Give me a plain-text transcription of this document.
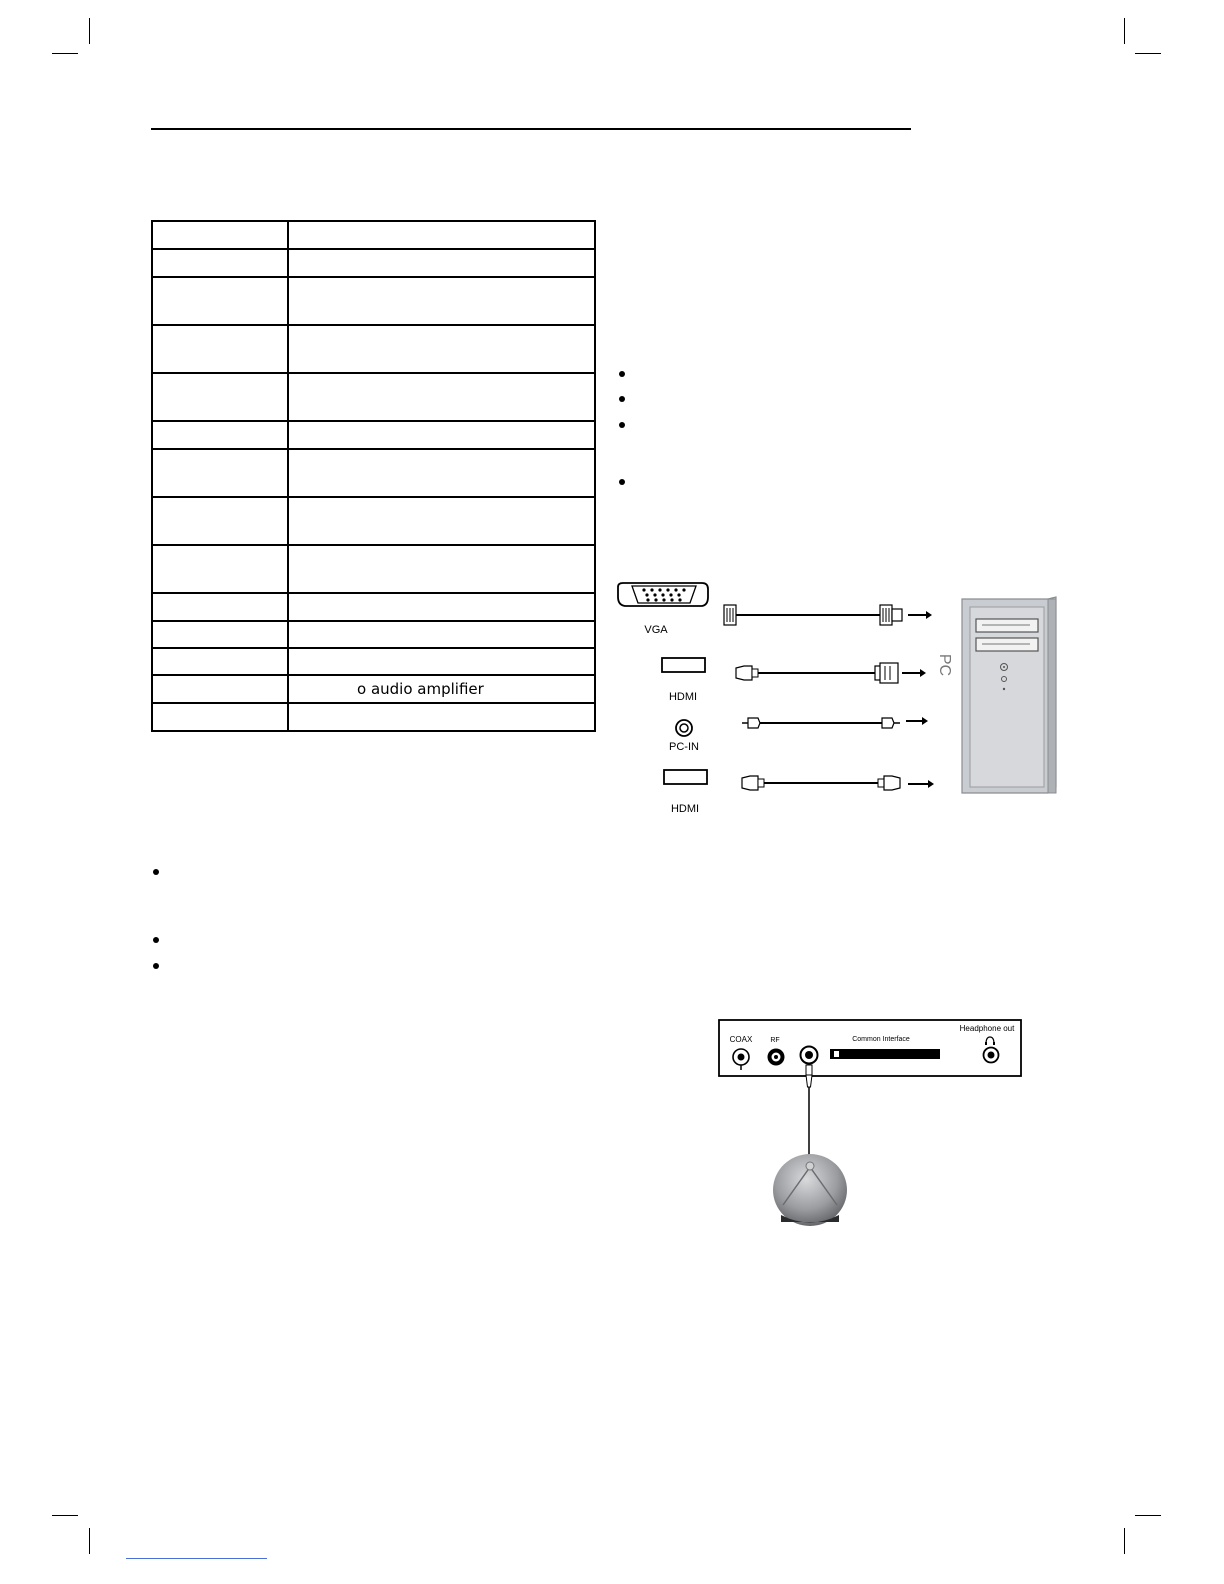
	o audio amplifier

VGA
HDMI
PC-IN
HDMI
PC
COAX	RF	Common Interface
Headphone out
